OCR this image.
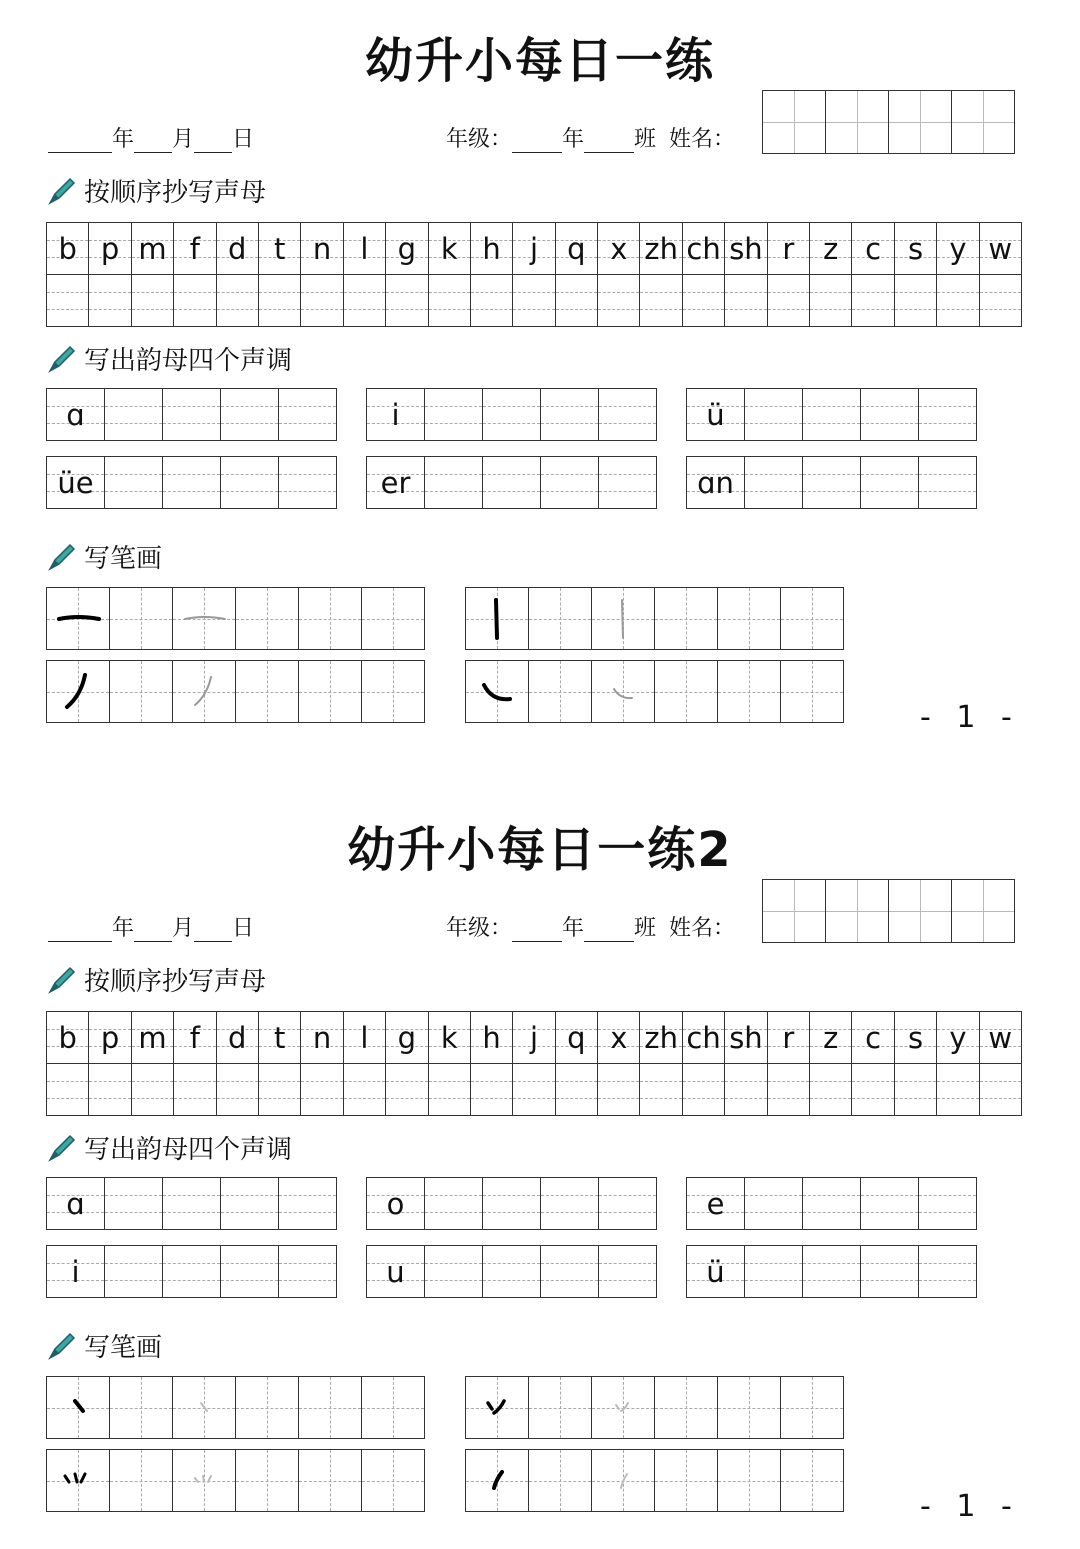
幼升小每日一练
年 月 日	年级： 年 班 姓名：
按顺序抄写声母
b p m f d t n l g k h j q x zh ch sh r z c s y w
写出韵母四个声调
ɑ	i	ü
üe	er	ɑn
写笔画
- 1 -
幼升小每日一练2
年 月 日	年级： 年 班 姓名：
按顺序抄写声母
b p m f d t n l g k h j q x zh ch sh r z c s y w
写出韵母四个声调
ɑ	o	e
i	u	ü
写笔画
- 1 -
